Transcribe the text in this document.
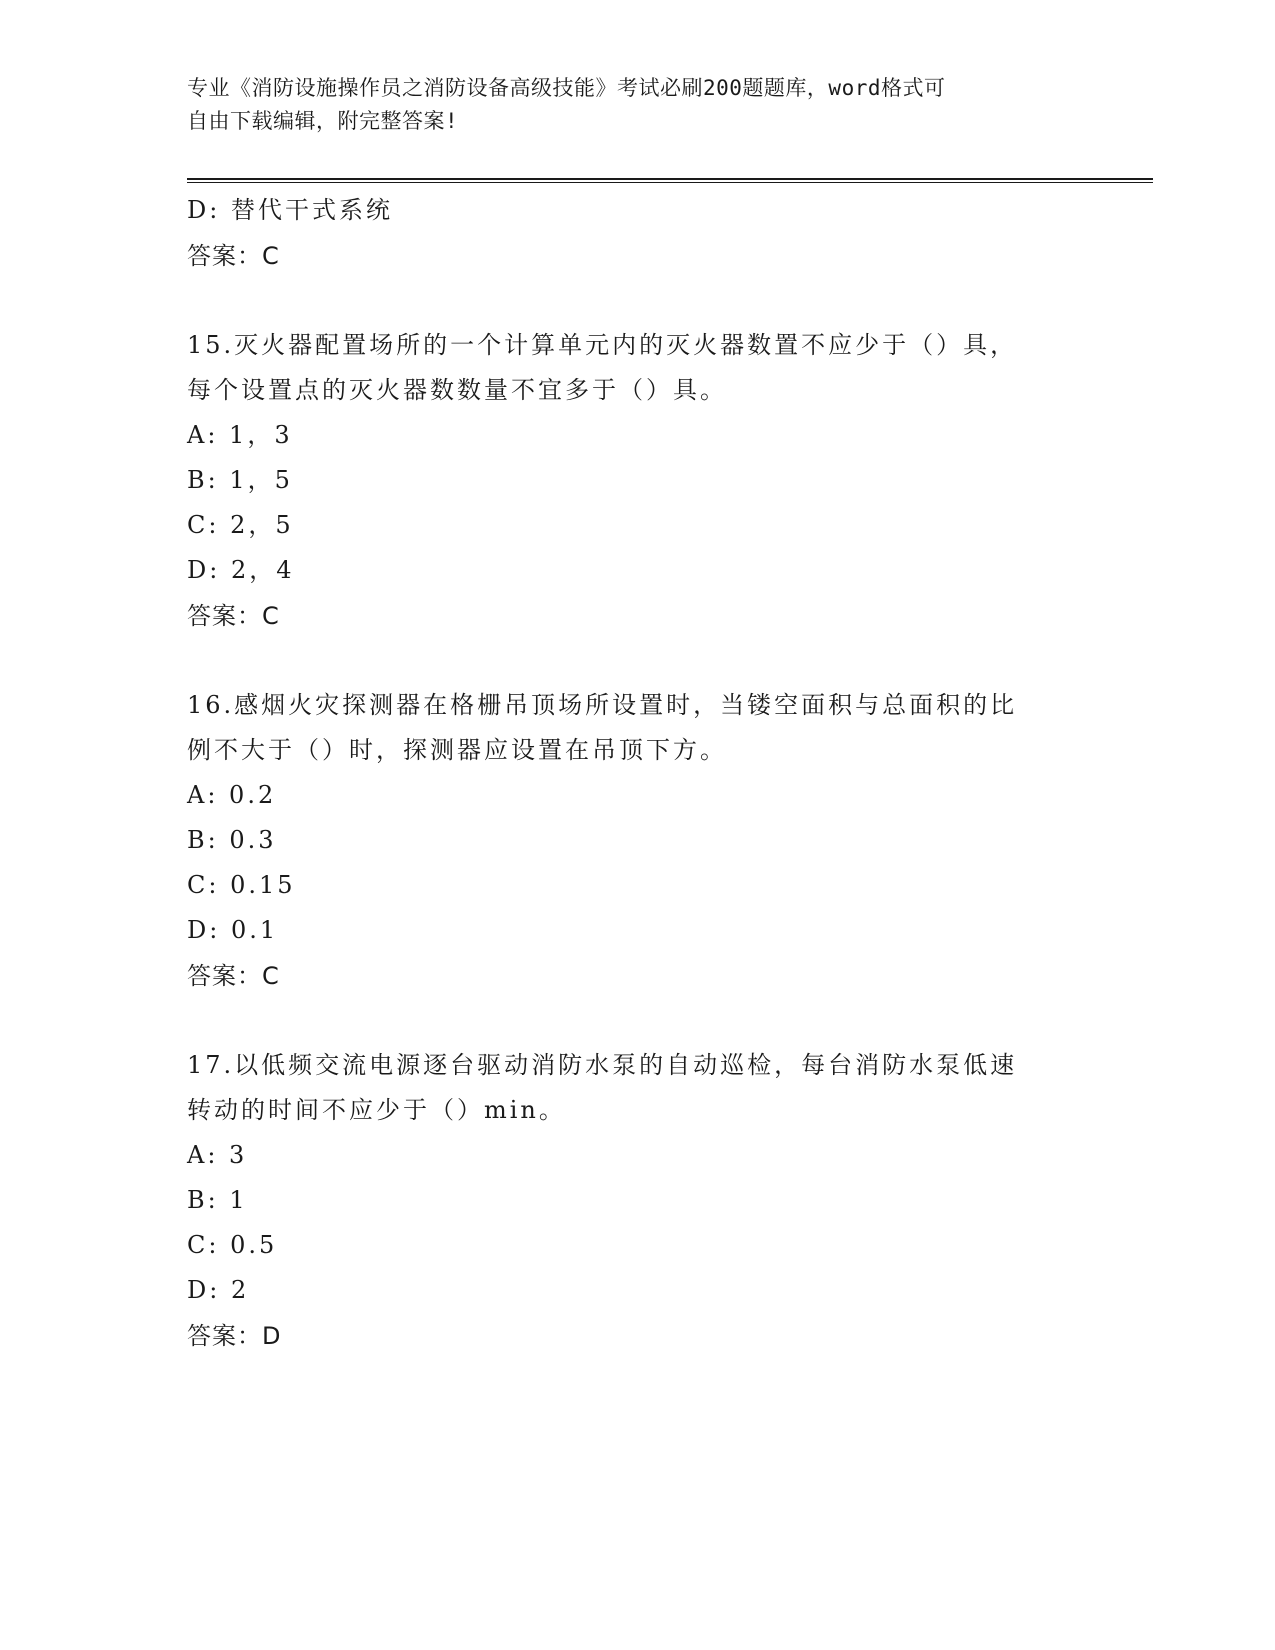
专业《消防设施操作员之消防设备高级技能》考试必刷200题题库，word格式可
自由下载编辑，附完整答案!
D: 替代干式系统
答案：C
15.灭火器配置场所的一个计算单元内的灭火器数置不应少于（）具，
每个设置点的灭火器数数量不宜多于（）具。
A: 1，3
B: 1，5
C: 2，5
D: 2，4
答案：C
16.感烟火灾探测器在格栅吊顶场所设置时，当镂空面积与总面积的比
例不大于（）时，探测器应设置在吊顶下方。
A: 0.2
B: 0.3
C: 0.15
D: 0.1
答案：C
17.以低频交流电源逐台驱动消防水泵的自动巡检，每台消防水泵低速
转动的时间不应少于（）min。
A: 3
B: 1
C: 0.5
D: 2
答案：D
